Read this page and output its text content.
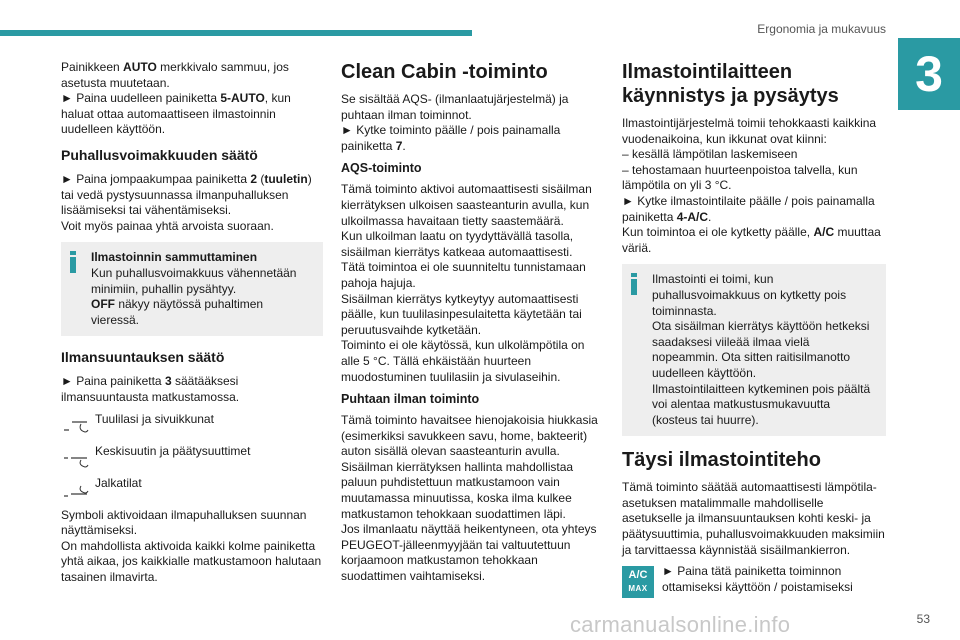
Ergonomia ja mukavuus
3

Painikkeen AUTO merkkivalo sammuu, jos asetusta muutetaan.
► Paina uudelleen painiketta 5-AUTO, kun haluat ottaa automaattiseen ilmastoinnin uudelleen käyttöön.

Puhallusvoimakkuuden säätö

► Paina jompaakumpaa painiketta 2 (tuuletin) tai vedä pystysuunnassa ilmanpuhalluksen lisäämiseksi tai vähentämiseksi.
Voit myös painaa yhtä arvoista suoraan.

Ilmastoinnin sammuttaminen
Kun puhallusvoimakkuus vähennetään minimiin, puhallin pysähtyy.
OFF näkyy näytössä puhaltimen vieressä.

Ilmansuuntauksen säätö

► Paina painiketta 3 säätääksesi ilmansuuntausta matkustamossa.

Tuulilasi ja sivuikkunat

Keskisuutin ja päätysuuttimet

Jalkatilat

Symboli aktivoidaan ilmapuhalluksen suunnan näyttämiseksi.
On mahdollista aktivoida kaikki kolme painiketta yhtä aikaa, jos kaikkialle matkustamoon halutaan tasainen ilmavirta.

Clean Cabin -toiminto

Se sisältää AQS- (ilmanlaatujärjestelmä) ja puhtaan ilman toiminnot.
► Kytke toiminto päälle / pois painamalla painiketta 7.

AQS-toiminto

Tämä toiminto aktivoi automaattisesti sisäilman kierrätyksen ulkoisen saasteanturin avulla, kun ulkoilmassa havaitaan tietty saastemäärä.
Kun ulkoilman laatu on tyydyttävällä tasolla, sisäilman kierrätys katkeaa automaattisesti.
Tätä toimintoa ei ole suunniteltu tunnistamaan pahoja hajuja.
Sisäilman kierrätys kytkeytyy automaattisesti päälle, kun tuulilasinpesulaitetta käytetään tai peruutusvaihde kytketään.
Toiminto ei ole käytössä, kun ulkolämpötila on alle 5 °C. Tällä ehkäistään huurteen muodostuminen tuulilasiin ja sivulaseihin.

Puhtaan ilman toiminto

Tämä toiminto havaitsee hienojakoisia hiukkasia (esimerkiksi savukkeen savu, home, bakteerit) auton sisällä olevan saasteanturin avulla.
Sisäilman kierrätyksen hallinta mahdollistaa paluun puhdistettuun matkustamoon vain muutamassa minuutissa, koska ilma kulkee matkustamon tehokkaan suodattimen läpi.
Jos ilmanlaatu näyttää heikentyneen, ota yhteys PEUGEOT-jälleenmyyjään tai valtuutettuun korjaamoon matkustamon tehokkaan suodattimen vaihtamiseksi.

Ilmastointilaitteen käynnistys ja pysäytys

Ilmastointijärjestelmä toimii tehokkaasti kaikkina vuodenaikoina, kun ikkunat ovat kiinni:
– kesällä lämpötilan laskemiseen
– tehostamaan huurteenpoistoa talvella, kun lämpötila on yli 3 °C.
► Kytke ilmastointilaite päälle / pois painamalla painiketta 4-A/C.
Kun toimintoa ei ole kytketty päälle, A/C muuttaa väriä.

Ilmastointi ei toimi, kun puhallusvoimakkuus on kytketty pois toiminnasta.
Ota sisäilman kierrätys käyttöön hetkeksi saadaksesi viileää ilmaa vielä nopeammin. Ota sitten raitisilmanotto uudelleen käyttöön.
Ilmastointilaitteen kytkeminen pois päältä voi alentaa matkustusmukavuutta (kosteus tai huurre).

Täysi ilmastointiteho

Tämä toiminto säätää automaattisesti lämpötila-asetuksen matalimmalle mahdolliselle asetukselle ja ilmansuuntauksen kohti keski- ja päätysuuttimia, puhallusvoimakkuuden maksimiin ja tarvittaessa käynnistää sisäilmankierron.

A/C
MAX

► Paina tätä painiketta toiminnon ottamiseksi käyttöön / poistamiseksi

carmanualsonline.info	53
